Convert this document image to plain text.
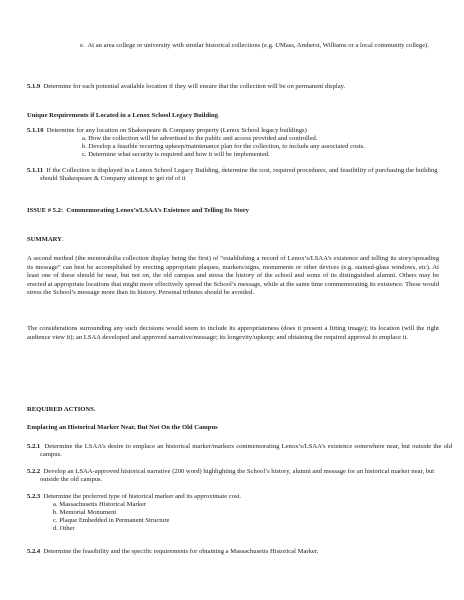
e. At an area college or university with similar historical collections (e.g. UMass, Amherst, Williams or a local community college).
5.1.9 Determine for each potential available location if they will ensure that the collection will be on permanent display.
Unique Requirements if Located in a Lenox School Legacy Building.
5.1.10 Determine for any location on Shakespeare & Company property (Lenox School legacy buildings)
a. How the collection will be advertised to the public and access provided and controlled.
b. Develop a feasible recurring upkeep/maintenance plan for the collection, to include any associated costs.
c. Determine what security is required and how it will be implemented.
5.1.11 If the Collection is displayed in a Lenox School Legacy Building, determine the cost, required procedures, and feasibility of purchasing the building should Shakespeare & Company attempt to get rid of it
ISSUE # 5.2:  Commemorating Lenox’s/LSAA’s Existence and Telling Its Story
SUMMARY.
A second method (the memorabilia collection display being the first) of “establishing a record of Lenox’s/LSAA’s existence and telling its story/spreading its message” can best be accomplished by erecting appropriate plaques, markers/signs, monuments or other devices (e.g. stained-glass windows, etc). At least one of these should be near, but not on, the old campus and stress the history of the school and some of its distinguished alumni. Others may be erected at appropriate locations that might more effectively spread the School’s message, while at the same time commemorating its existence. These would stress the School’s message more than its history. Personal tributes should be avoided.
The considerations surrounding any such decisions would seem to include its appropriateness (does it present a fitting image); its location (will the right audience view it); an LSAA developed and approved narrative/message; its longevity/upkeep; and obtaining the required approval to emplace it.
REQUIRED ACTIONS.
Emplacing an Historical Marker Near, But Not On the Old Campus
5.2.1 Determine the LSAA’s desire to emplace an historical marker/markers commemorating Lenox’s/LSAA’s existence somewhere near, but outside the old campus.
5.2.2 Develop an LSAA-approved historical narrative (200 word) highlighting the School’s history, alumni and message for an historical marker near, but outside the old campus.
5.2.3 Determine the preferred type of historical marker and its approximate cost.
a. Massachusetts Historical Marker
b. Memorial Monument
c. Plaque Embedded in Permanent Structure
d. Other
5.2.4 Determine the feasibility and the specific requirements for obtaining a Massachusetts Historical Marker.
